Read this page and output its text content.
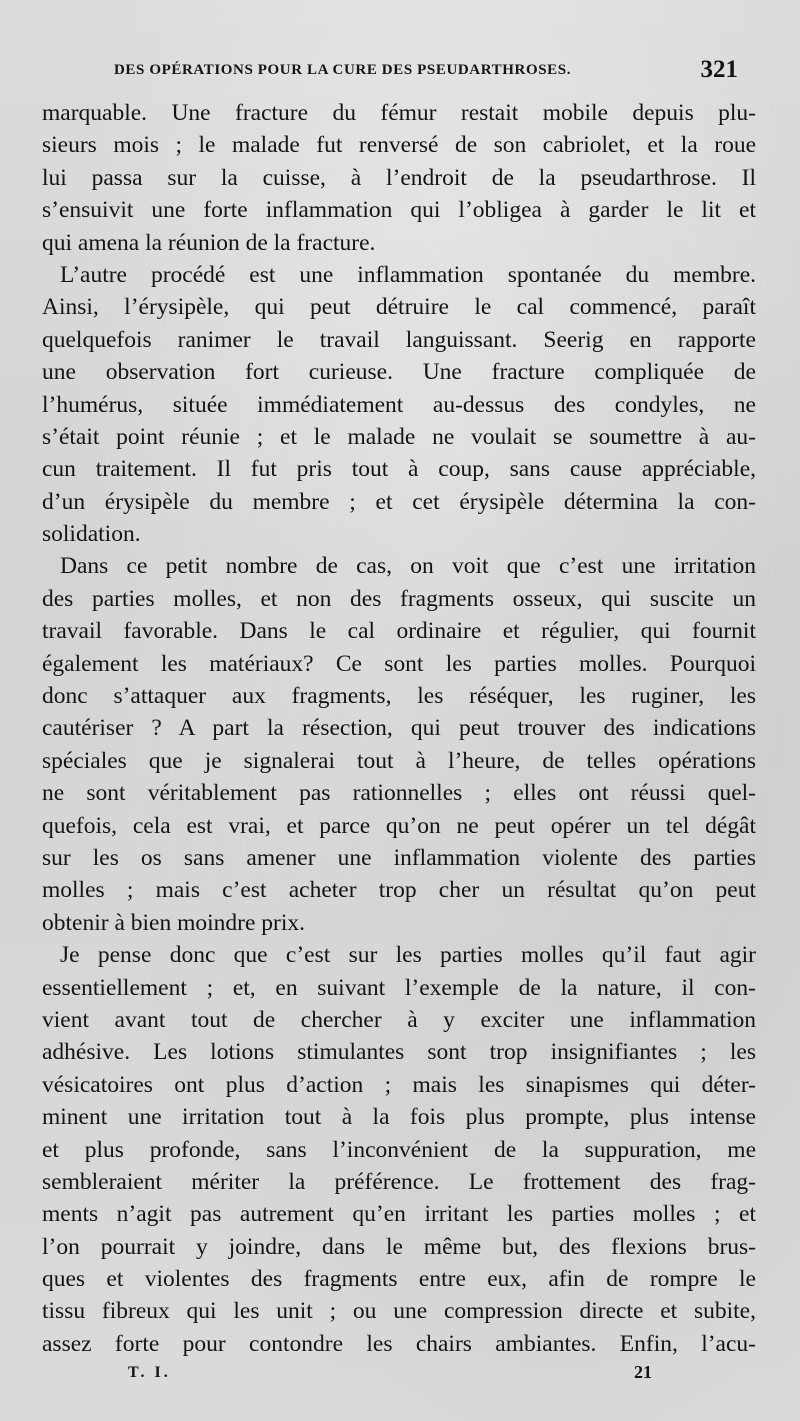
DES OPÉRATIONS POUR LA CURE DES PSEUDARTHROSES.	321
marquable. Une fracture du fémur restait mobile depuis plu-
sieurs mois ; le malade fut renversé de son cabriolet, et la roue
lui passa sur la cuisse, à l’endroit de la pseudarthrose. Il
s’ensuivit une forte inflammation qui l’obligea à garder le lit et
qui amena la réunion de la fracture.
L’autre procédé est une inflammation spontanée du membre.
Ainsi, l’érysipèle, qui peut détruire le cal commencé, paraît
quelquefois ranimer le travail languissant. Seerig en rapporte
une observation fort curieuse. Une fracture compliquée de
l’humérus, située immédiatement au-dessus des condyles, ne
s’était point réunie ; et le malade ne voulait se soumettre à au-
cun traitement. Il fut pris tout à coup, sans cause appréciable,
d’un érysipèle du membre ; et cet érysipèle détermina la con-
solidation.
Dans ce petit nombre de cas, on voit que c’est une irritation
des parties molles, et non des fragments osseux, qui suscite un
travail favorable. Dans le cal ordinaire et régulier, qui fournit
également les matériaux? Ce sont les parties molles. Pourquoi
donc s’attaquer aux fragments, les réséquer, les ruginer, les
cautériser ? A part la résection, qui peut trouver des indications
spéciales que je signalerai tout à l’heure, de telles opérations
ne sont véritablement pas rationnelles ; elles ont réussi quel-
quefois, cela est vrai, et parce qu’on ne peut opérer un tel dégât
sur les os sans amener une inflammation violente des parties
molles ; mais c’est acheter trop cher un résultat qu’on peut
obtenir à bien moindre prix.
Je pense donc que c’est sur les parties molles qu’il faut agir
essentiellement ; et, en suivant l’exemple de la nature, il con-
vient avant tout de chercher à y exciter une inflammation
adhésive. Les lotions stimulantes sont trop insignifiantes ; les
vésicatoires ont plus d’action ; mais les sinapismes qui déter-
minent une irritation tout à la fois plus prompte, plus intense
et plus profonde, sans l’inconvénient de la suppuration, me
sembleraient mériter la préférence. Le frottement des frag-
ments n’agit pas autrement qu’en irritant les parties molles ; et
l’on pourrait y joindre, dans le même but, des flexions brus-
ques et violentes des fragments entre eux, afin de rompre le
tissu fibreux qui les unit ; ou une compression directe et subite,
assez forte pour contondre les chairs ambiantes. Enfin, l’acu-
T. I.	21
